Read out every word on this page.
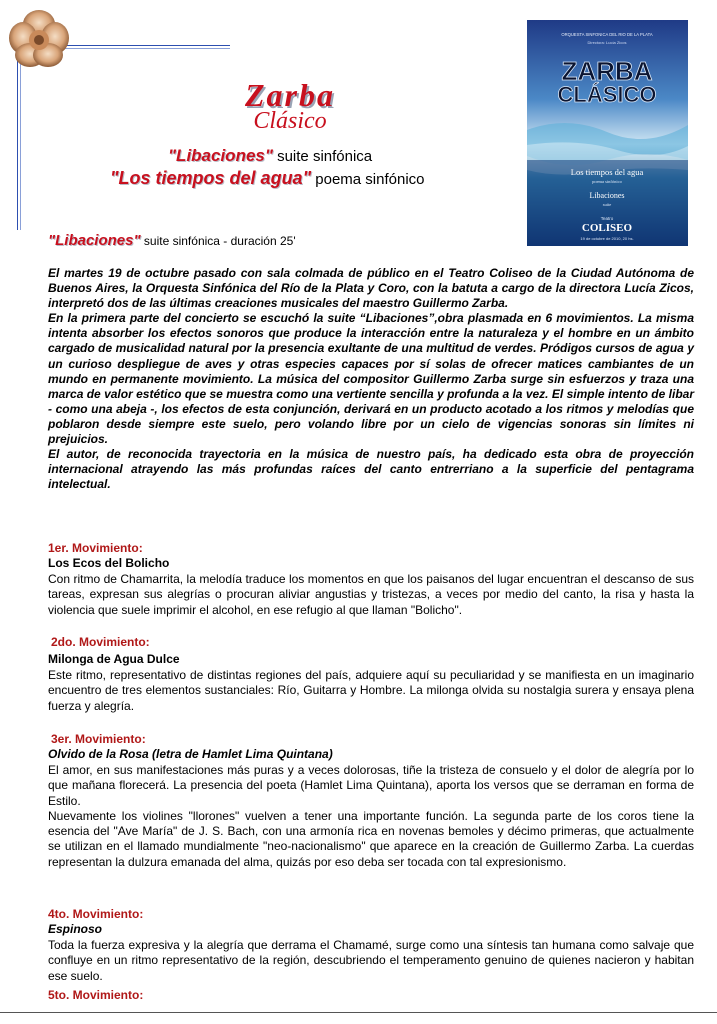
Zarba
Clásico
"Libaciones" suite sinfónica
"Los tiempos del agua" poema sinfónico
ORQUESTA SINFONICA DEL RIO DE LA PLATA
Directora: Lucía Zicos
ZARBA
CLÁSICO
Los tiempos del agua
poema sinfónico
Libaciones
suite
Teatro
COLISEO
19 de octubre de 2010, 20 hs.
"Libaciones" suite sinfónica - duración 25'

El martes 19 de octubre pasado con sala colmada de público en el Teatro Coliseo de la Ciudad Autónoma de Buenos Aires, la Orquesta Sinfónica del Río de la Plata y Coro, con la batuta a cargo de la directora Lucía Zicos, interpretó dos de las últimas creaciones musicales del maestro Guillermo Zarba.

En la primera parte del concierto se escuchó la suite “Libaciones”,obra plasmada en 6 movimientos. La misma intenta absorber los efectos sonoros que produce la interacción entre la naturaleza y el hombre en un ámbito cargado de musicalidad natural por la presencia exultante de una multitud de verdes. Pródigos cursos de agua y un curioso despliegue de aves y otras especies capaces por sí solas de ofrecer matices cambiantes de un mundo en permanente movimiento. La música del compositor Guillermo Zarba surge sin esfuerzos y traza una marca de valor estético que se muestra como una vertiente sencilla y profunda a la vez. El simple intento de libar - como una abeja -, los efectos de esta conjunción, derivará en un producto acotado a los ritmos y melodías que poblaron desde siempre este suelo, pero volando libre por un cielo de vigencias sonoras sin límites ni prejuicios.

El autor, de reconocida trayectoria en la música de nuestro país, ha dedicado esta obra de proyección internacional atrayendo las más profundas raíces del canto entrerriano a la superficie del pentagrama intelectual.

1er. Movimiento:
Los Ecos del Bolicho

Con ritmo de Chamarrita, la melodía traduce los momentos en que los paisanos del lugar encuentran el descanso de sus tareas, expresan sus alegrías o procuran aliviar angustias y tristezas, a veces por medio del canto, la risa y hasta la violencia que suele imprimir el alcohol, en ese refugio al que llaman "Bolicho".

2do. Movimiento:
Milonga de Agua Dulce

Este ritmo, representativo de distintas regiones del país, adquiere aquí su peculiaridad y se manifiesta en un imaginario encuentro de tres elementos sustanciales: Río, Guitarra y Hombre. La milonga olvida su nostalgia surera y ensaya plena fuerza y alegría.

3er. Movimiento:
Olvido de la Rosa (letra de Hamlet Lima Quintana)

El amor, en sus manifestaciones más puras y a veces dolorosas, tiñe la tristeza de consuelo y el dolor de alegría por lo que mañana florecerá. La presencia del poeta (Hamlet Lima Quintana), aporta los versos que se derraman en forma de Estilo.

Nuevamente los violines "llorones" vuelven a tener una importante función. La segunda parte de los coros tiene la esencia del "Ave María" de J. S. Bach, con una armonía rica en novenas bemoles y décimo primeras, que actualmente se utilizan en el llamado mundialmente "neo-nacionalismo" que aparece en la creación de Guillermo Zarba. La cuerdas representan la dulzura emanada del alma, quizás por eso deba ser tocada con tal expresionismo.

4to. Movimiento:
Espinoso

Toda la fuerza expresiva y la alegría que derrama el Chamamé, surge como una síntesis tan humana como salvaje que confluye en un ritmo representativo de la región, descubriendo el temperamento genuino de quienes nacieron y habitan ese suelo.

5to. Movimiento:
